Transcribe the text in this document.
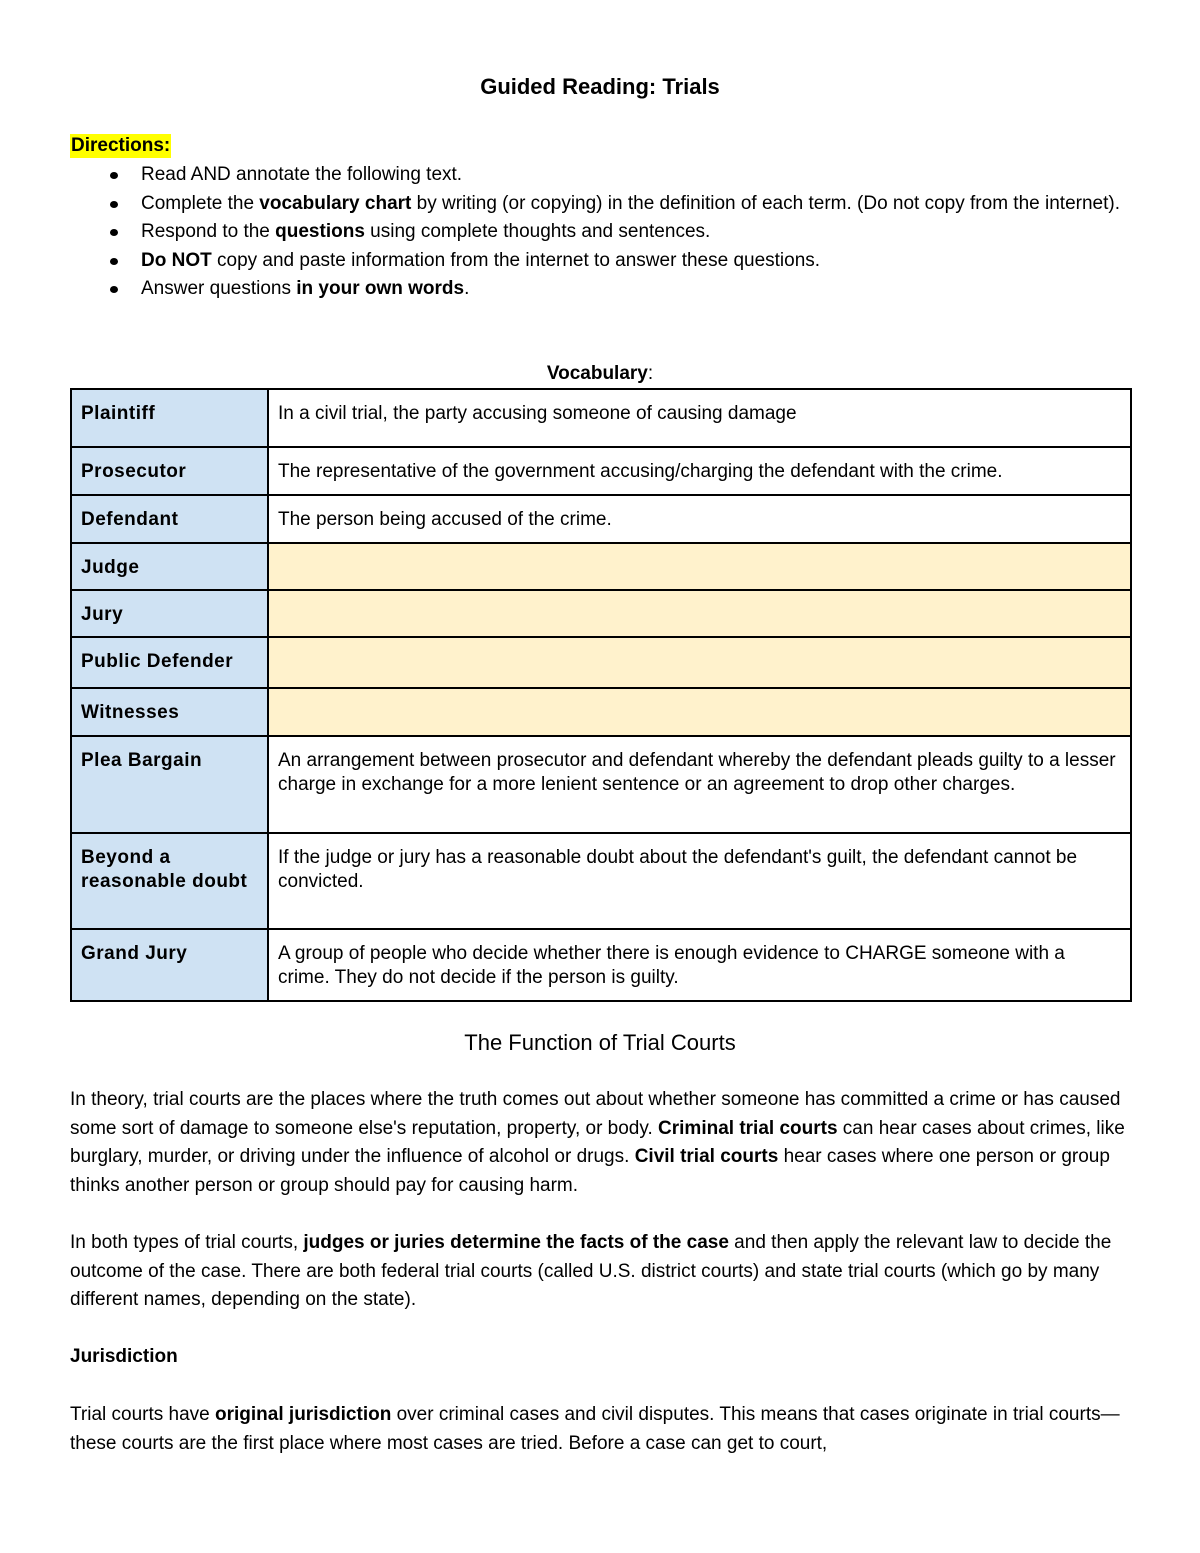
Guided Reading: Trials
Directions:
Read AND annotate the following text.
Complete the vocabulary chart by writing (or copying) in the definition of each term. (Do not copy from the internet).
Respond to the questions using complete thoughts and sentences.
Do NOT copy and paste information from the internet to answer these questions.
Answer questions in your own words.
Vocabulary:
Plaintiff	In a civil trial, the party accusing someone of causing damage
Prosecutor	The representative of the government accusing/charging the defendant with the crime.
Defendant	The person being accused of the crime.
Judge	
Jury	
Public Defender	
Witnesses	
Plea Bargain	An arrangement between prosecutor and defendant whereby the defendant pleads guilty to a lesser charge in exchange for a more lenient sentence or an agreement to drop other charges.
Beyond a reasonable doubt	If the judge or jury has a reasonable doubt about the defendant's guilt, the defendant cannot be convicted.
Grand Jury	A group of people who decide whether there is enough evidence to CHARGE someone with a crime. They do not decide if the person is guilty.
The Function of Trial Courts

In theory, trial courts are the places where the truth comes out about whether someone has committed a crime or has caused some sort of damage to someone else's reputation, property, or body. Criminal trial courts can hear cases about crimes, like burglary, murder, or driving under the influence of alcohol or drugs. Civil trial courts hear cases where one person or group thinks another person or group should pay for causing harm.

In both types of trial courts, judges or juries determine the facts of the case and then apply the relevant law to decide the outcome of the case. There are both federal trial courts (called U.S. district courts) and state trial courts (which go by many different names, depending on the state).

Jurisdiction

Trial courts have original jurisdiction over criminal cases and civil disputes. This means that cases originate in trial courts—these courts are the first place where most cases are tried. Before a case can get to court,
